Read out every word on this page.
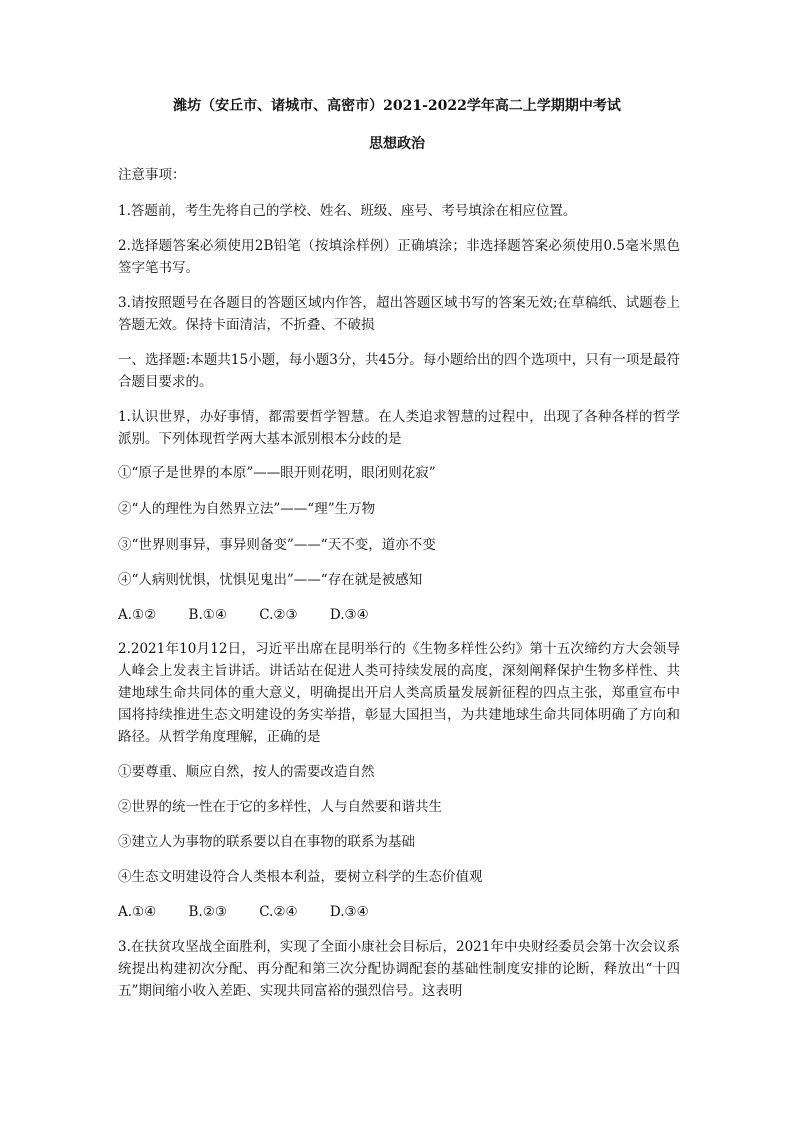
潍坊（安丘市、诸城市、高密市）2021-2022学年高二上学期期中考试
思想政治
注意事项：
1.答题前，考生先将自己的学校、姓名、班级、座号、考号填涂在相应位置。
2.选择题答案必须使用2B铅笔（按填涂样例）正确填涂；非选择题答案必须使用0.5毫米黑色签字笔书写。
3.请按照题号在各题目的答题区域内作答，超出答题区域书写的答案无效;在草稿纸、试题卷上答题无效。保持卡面清洁，不折叠、不破损
一、选择题:本题共15小题，每小题3分，共45分。每小题给出的四个选项中，只有一项是最符合题目要求的。
1.认识世界，办好事情，都需要哲学智慧。在人类追求智慧的过程中，出现了各种各样的哲学派别。下列体现哲学两大基本派别根本分歧的是
①“原子是世界的本原”——眼开则花明，眼闭则花寂”
②“人的理性为自然界立法”——“理”生万物
③“世界则事异，事异则备变”——“天不变，道亦不变
④“人病则忧惧，忧惧见鬼出”——“存在就是被感知
A.①② B.①④ C.②③ D.③④
2.2021年10月12日，习近平出席在昆明举行的《生物多样性公约》第十五次缔约方大会领导人峰会上发表主旨讲话。讲话站在促进人类可持续发展的高度，深刻阐释保护生物多样性、共建地球生命共同体的重大意义，明确提出开启人类高质量发展新征程的四点主张，郑重宣布中国将持续推进生态文明建设的务实举措，彰显大国担当，为共建地球生命共同体明确了方向和路径。从哲学角度理解，正确的是
①要尊重、顺应自然，按人的需要改造自然
②世界的统一性在于它的多样性，人与自然要和谐共生
③建立人为事物的联系要以自在事物的联系为基础
④生态文明建设符合人类根本利益，要树立科学的生态价值观
A.①④ B.②③ C.②④ D.③④
3.在扶贫攻坚战全面胜利，实现了全面小康社会目标后，2021年中央财经委员会第十次会议系统提出构建初次分配、再分配和第三次分配协调配套的基础性制度安排的论断，释放出“十四五”期间缩小收入差距、实现共同富裕的强烈信号。这表明
